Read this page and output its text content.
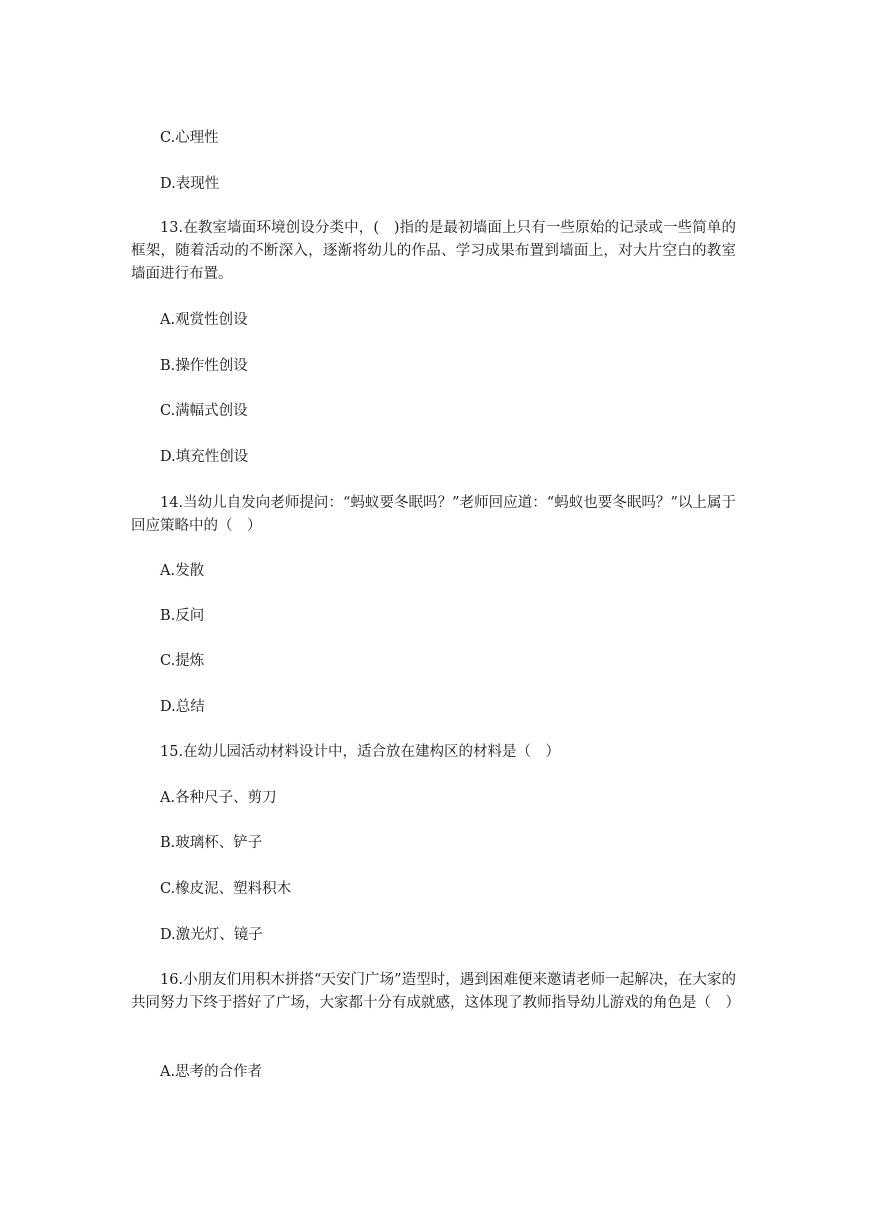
C.心理性
D.表现性
13.在教室墙面环境创设分类中，(　)指的是最初墙面上只有一些原始的记录或一些简单的框架，随着活动的不断深入，逐渐将幼儿的作品、学习成果布置到墙面上，对大片空白的教室墙面进行布置。
A.观赏性创设
B.操作性创设
C.满幅式创设
D.填充性创设
14.当幼儿自发向老师提问：“蚂蚁要冬眠吗？”老师回应道：“蚂蚁也要冬眠吗？”以上属于回应策略中的（　）
A.发散
B.反问
C.提炼
D.总结
15.在幼儿园活动材料设计中，适合放在建构区的材料是（　）
A.各种尺子、剪刀
B.玻璃杯、铲子
C.橡皮泥、塑料积木
D.激光灯、镜子
16.小朋友们用积木拼搭“天安门广场”造型时，遇到困难便来邀请老师一起解决，在大家的共同努力下终于搭好了广场，大家都十分有成就感，这体现了教师指导幼儿游戏的角色是（　）
A.思考的合作者
